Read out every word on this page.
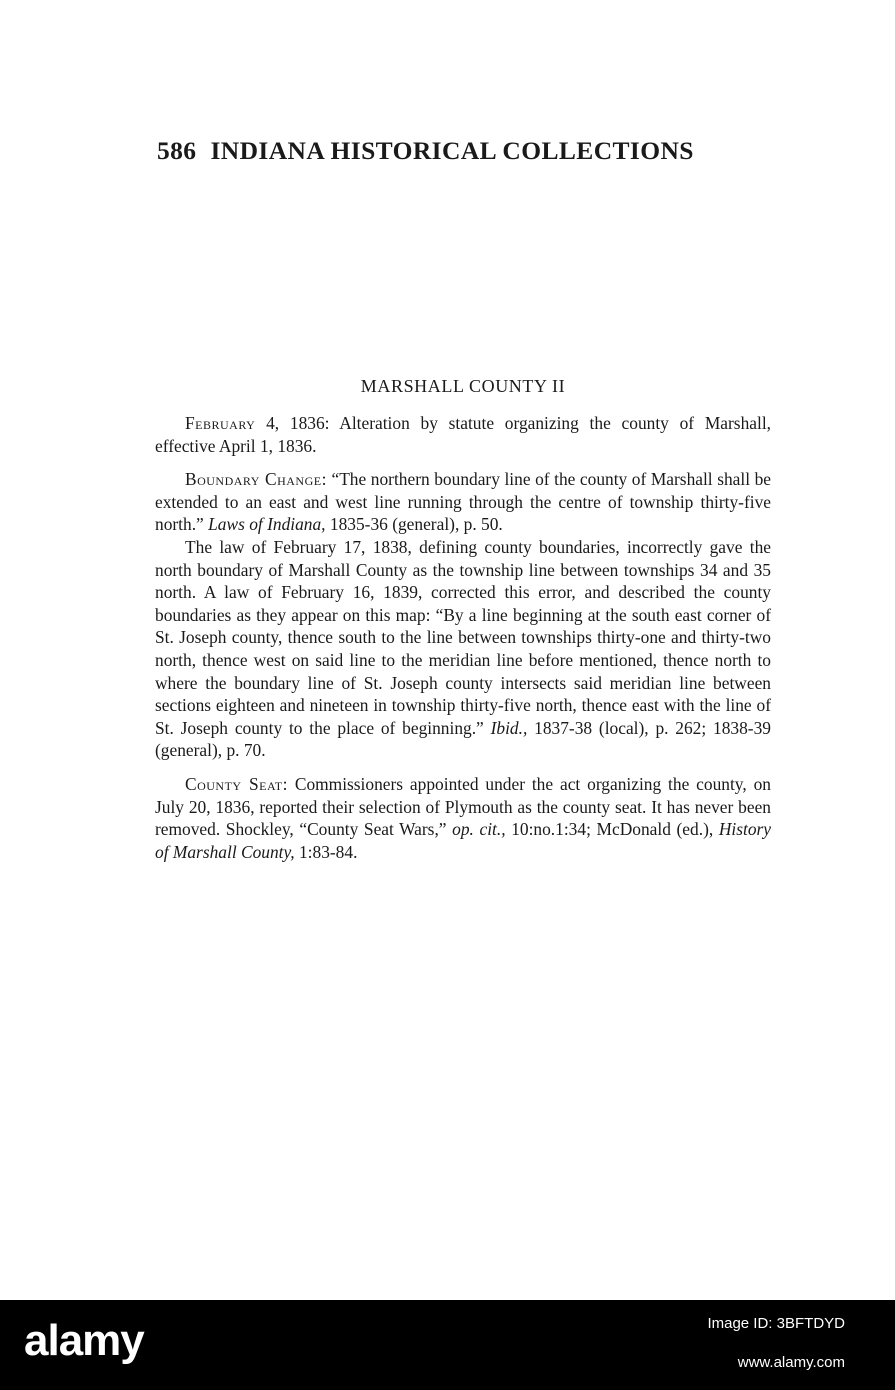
586 INDIANA HISTORICAL COLLECTIONS
MARSHALL COUNTY II

February 4, 1836: Alteration by statute organizing the county of Marshall, effective April 1, 1836.

Boundary Change: “The northern boundary line of the county of Marshall shall be extended to an east and west line running through the centre of township thirty-five north.” Laws of Indiana, 1835-36 (general), p. 50.

The law of February 17, 1838, defining county boundaries, incorrectly gave the north boundary of Marshall County as the township line between townships 34 and 35 north. A law of February 16, 1839, corrected this error, and described the county boundaries as they appear on this map: “By a line beginning at the south east corner of St. Joseph county, thence south to the line between townships thirty-one and thirty-two north, thence west on said line to the meridian line before mentioned, thence north to where the boundary line of St. Joseph county intersects said meridian line between sections eighteen and nineteen in township thirty-five north, thence east with the line of St. Joseph county to the place of beginning.” Ibid., 1837-38 (local), p. 262; 1838-39 (general), p. 70.

County Seat: Commissioners appointed under the act organizing the county, on July 20, 1836, reported their selection of Plymouth as the county seat. It has never been removed. Shockley, “County Seat Wars,” op. cit., 10:no.1:34; McDonald (ed.), History of Marshall County, 1:83-84.

alamy	Image ID: 3BFTDYD
www.alamy.com
